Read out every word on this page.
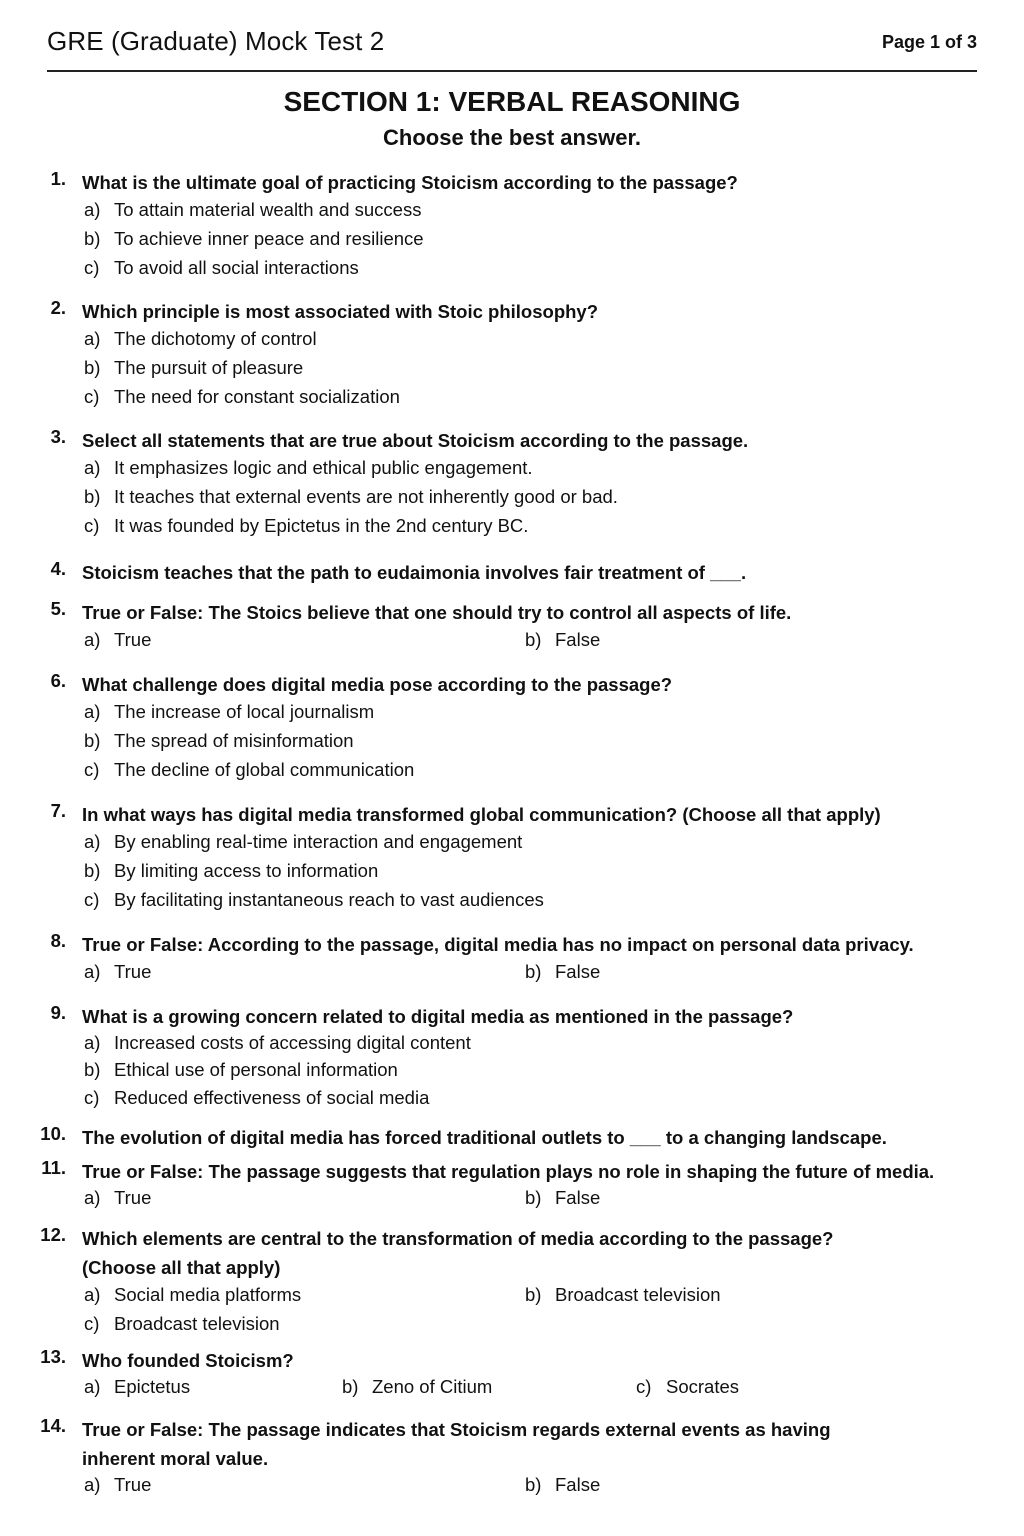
GRE (Graduate) Mock Test 2	Page 1 of 3
SECTION 1: VERBAL REASONING
Choose the best answer.
1. What is the ultimate goal of practicing Stoicism according to the passage?
a) To attain material wealth and success
b) To achieve inner peace and resilience
c) To avoid all social interactions
2. Which principle is most associated with Stoic philosophy?
a) The dichotomy of control
b) The pursuit of pleasure
c) The need for constant socialization
3. Select all statements that are true about Stoicism according to the passage.
a) It emphasizes logic and ethical public engagement.
b) It teaches that external events are not inherently good or bad.
c) It was founded by Epictetus in the 2nd century BC.
4. Stoicism teaches that the path to eudaimonia involves fair treatment of ___.
5. True or False: The Stoics believe that one should try to control all aspects of life.
a) True	b) False
6. What challenge does digital media pose according to the passage?
a) The increase of local journalism
b) The spread of misinformation
c) The decline of global communication
7. In what ways has digital media transformed global communication? (Choose all that apply)
a) By enabling real-time interaction and engagement
b) By limiting access to information
c) By facilitating instantaneous reach to vast audiences
8. True or False: According to the passage, digital media has no impact on personal data privacy.
a) True	b) False
9. What is a growing concern related to digital media as mentioned in the passage?
a) Increased costs of accessing digital content
b) Ethical use of personal information
c) Reduced effectiveness of social media
10. The evolution of digital media has forced traditional outlets to ___ to a changing landscape.
11. True or False: The passage suggests that regulation plays no role in shaping the future of media.
a) True	b) False
12. Which elements are central to the transformation of media according to the passage? (Choose all that apply)
a) Social media platforms	b) Broadcast television
c) Broadcast television
13. Who founded Stoicism?
a) Epictetus	b) Zeno of Citium	c) Socrates
14. True or False: The passage indicates that Stoicism regards external events as having inherent moral value.
a) True	b) False
